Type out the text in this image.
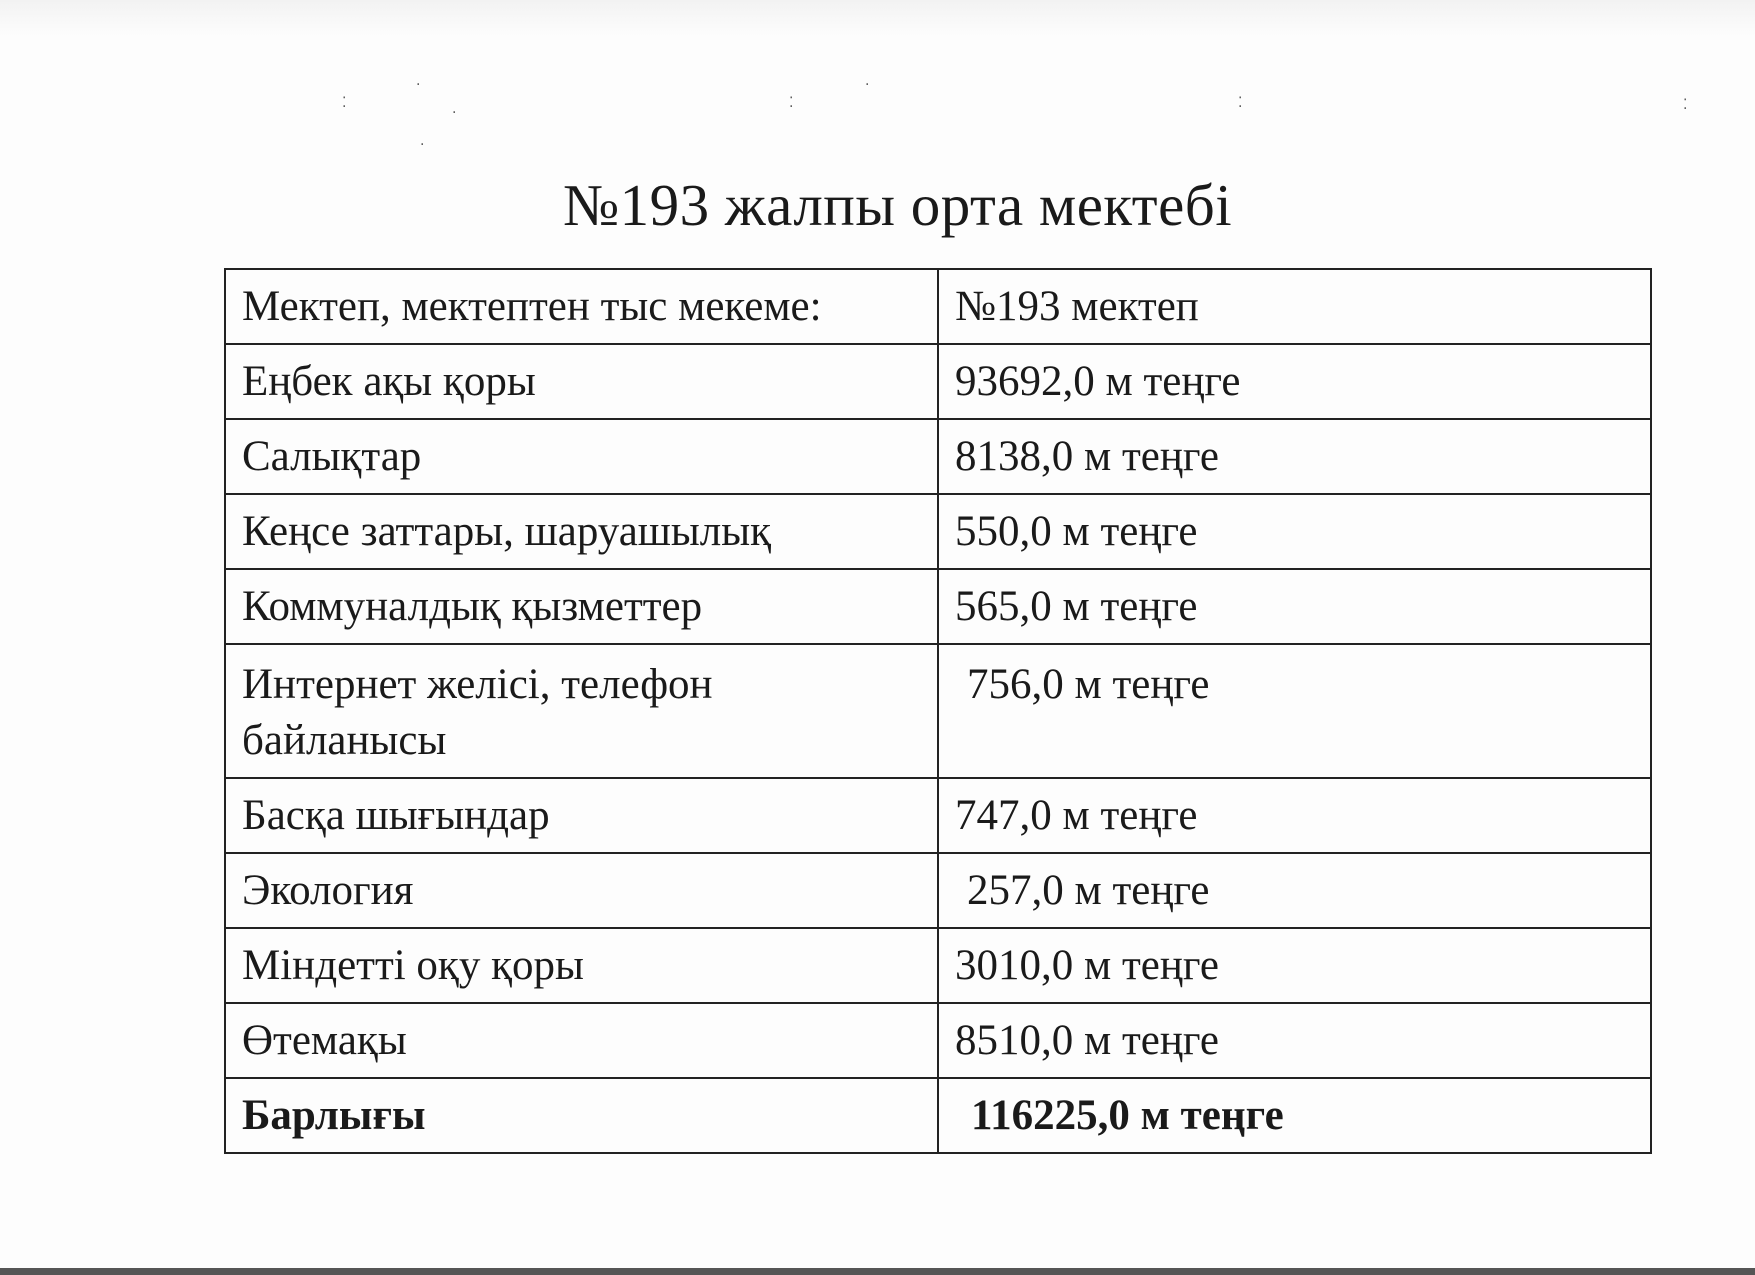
⁚	⁚	⁚	⁚
·
·
·
·
№193 жалпы орта мектебі
Мектеп, мектептен тыс мекеме:	№193 мектеп
Еңбек ақы қоры	93692,0 м теңге
Салықтар	8138,0 м теңге
Кеңсе заттары, шаруашылық	550,0 м теңге
Коммуналдық қызметтер	565,0 м теңге
Интернет желісі, телефон байланысы	756,0 м теңге
Басқа шығындар	747,0 м теңге
Экология	257,0 м теңге
Міндетті оқу қоры	3010,0 м теңге
Өтемақы	8510,0 м теңге
Барлығы	116225,0 м теңге
